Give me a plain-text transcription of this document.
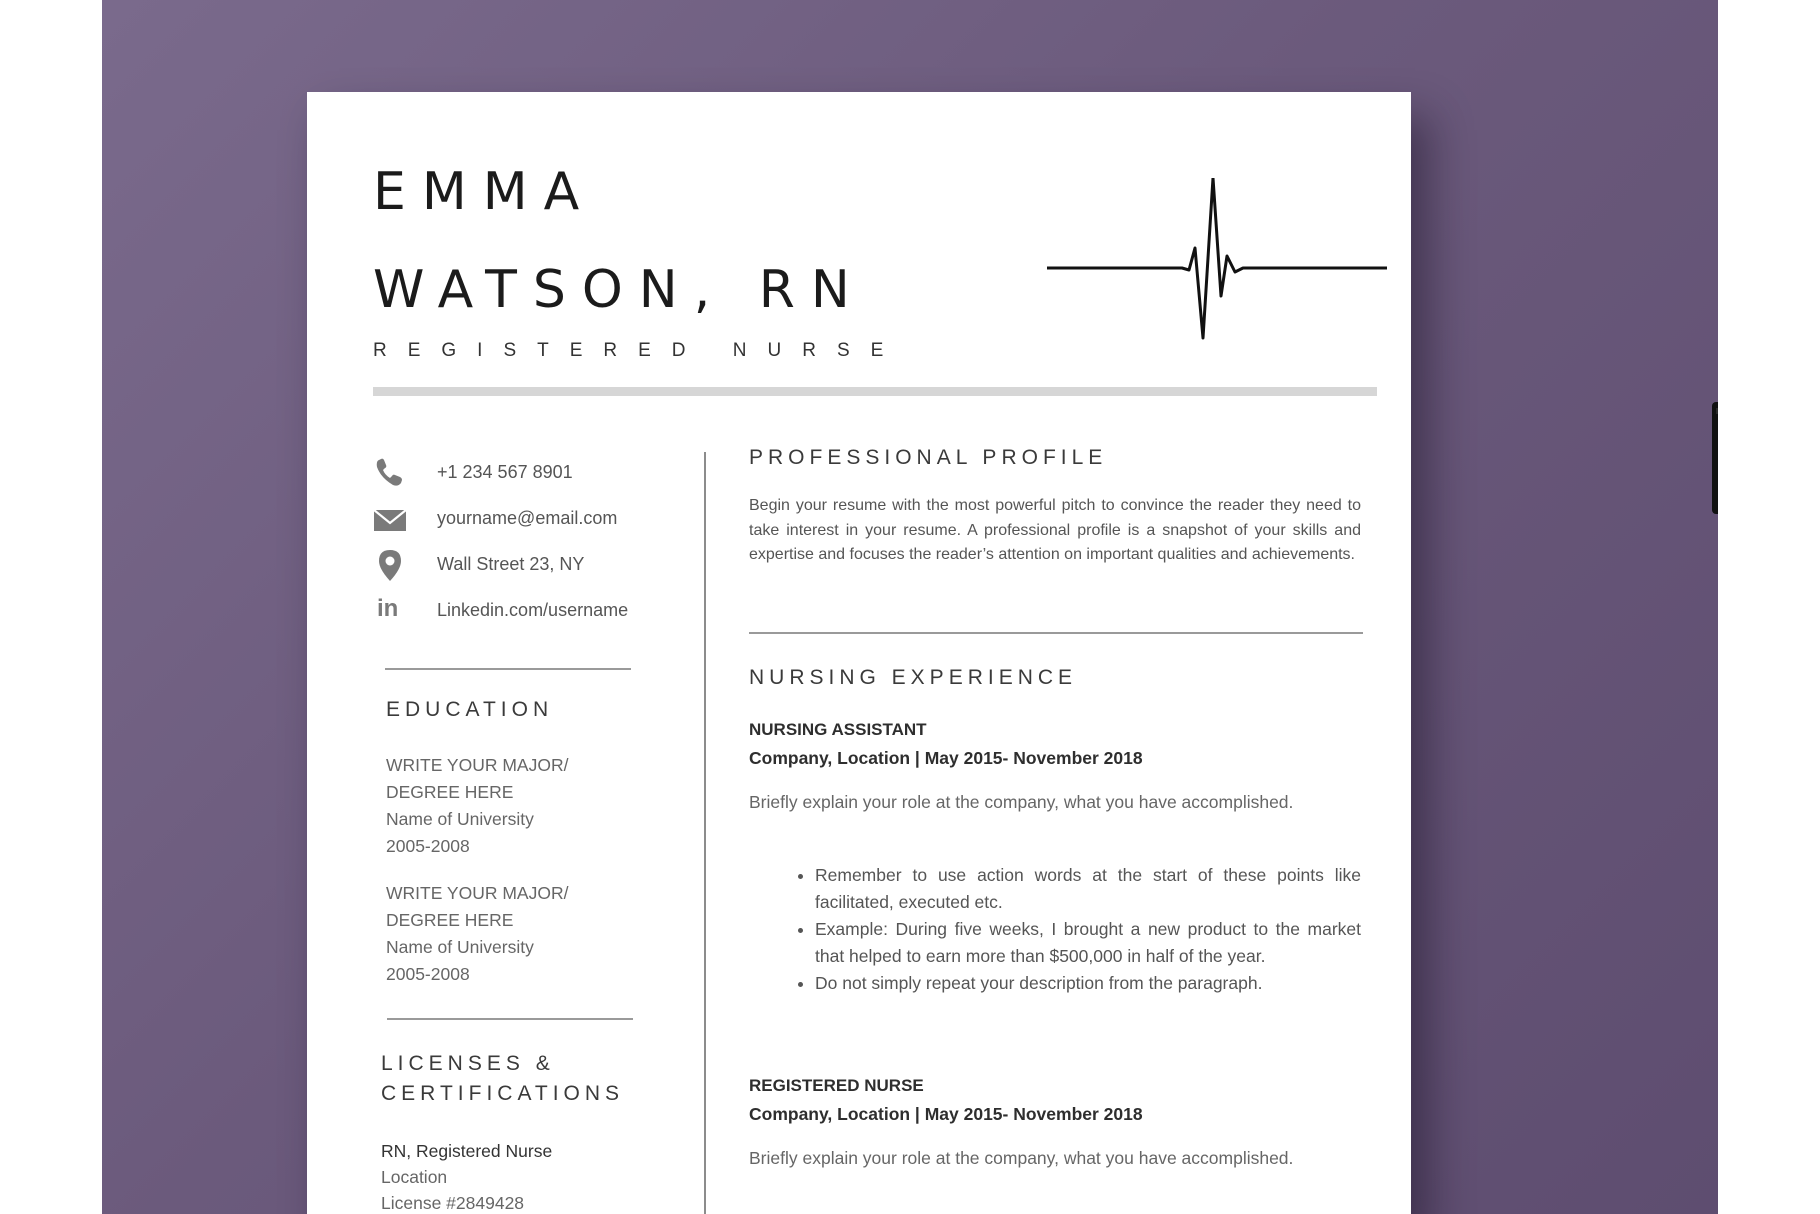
EMMA
WATSON, RN

REGISTERED NURSE

+1 234 567 8901
yourname@email.com
Wall Street 23, NY
in	Linkedin.com/username
EDUCATION
WRITE YOUR MAJOR/
DEGREE HERE
Name of University
2005-2008
WRITE YOUR MAJOR/
DEGREE HERE
Name of University
2005-2008
LICENSES &
CERTIFICATIONS
RN, Registered Nurse
Location
License #2849428
PROFESSIONAL PROFILE

Begin your resume with the most powerful pitch to convince the reader they need to take interest in your resume. A professional profile is a snapshot of your skills and expertise and focuses the reader’s attention on important qualities and achievements.

NURSING EXPERIENCE
NURSING ASSISTANT
Company, Location | May 2015- November 2018

Briefly explain your role at the company, what you have accomplished.

• Remember to use action words at the start of these points like facilitated, executed etc.
• Example: During five weeks, I brought a new product to the market that helped to earn more than $500,000 in half of the year.
• Do not simply repeat your description from the paragraph.
REGISTERED NURSE
Company, Location | May 2015- November 2018

Briefly explain your role at the company, what you have accomplished.
